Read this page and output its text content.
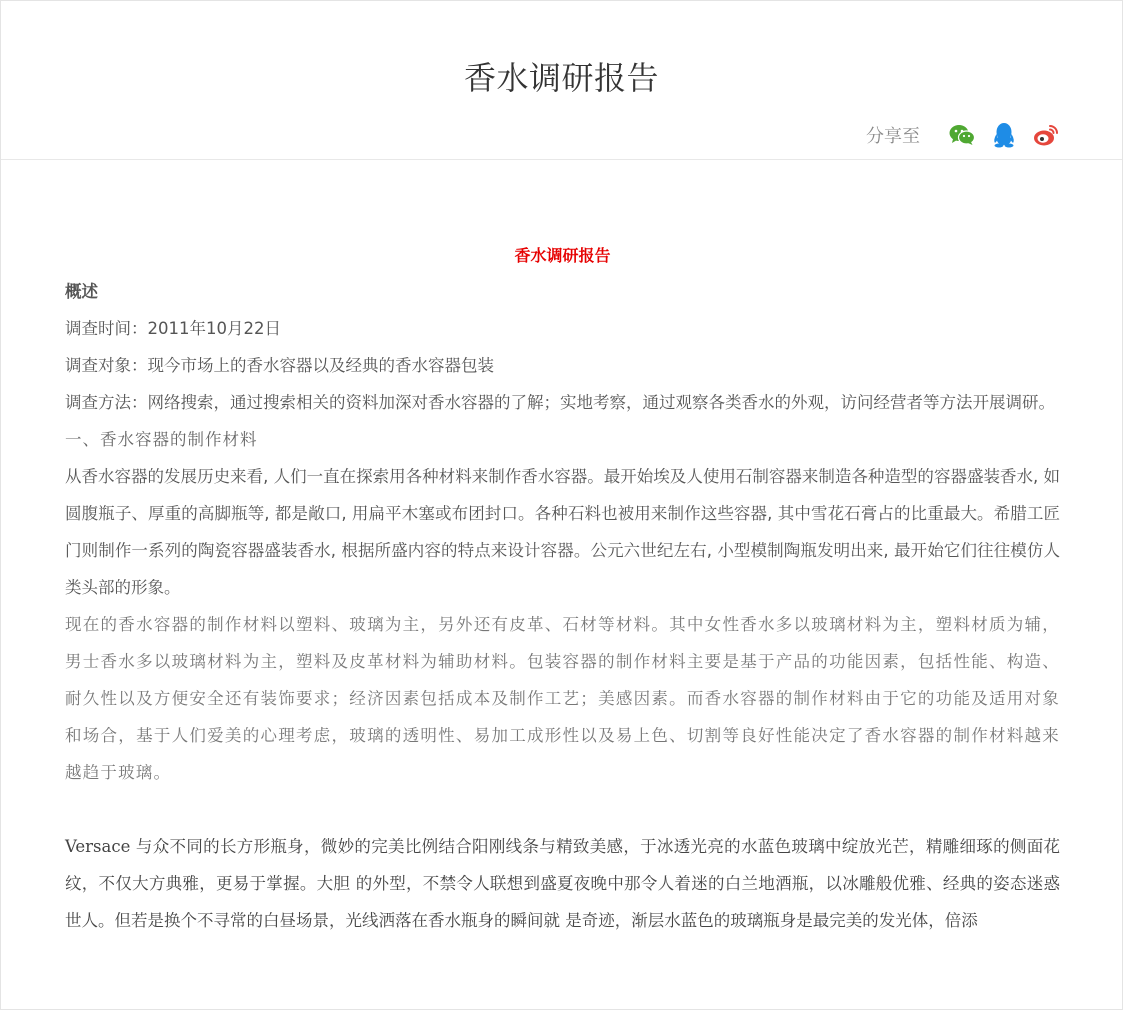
香水调研报告
分享至

香水调研报告

概述

调查时间：2011年10月22日

调查对象：现今市场上的香水容器以及经典的香水容器包装

调查方法：网络搜索，通过搜索相关的资料加深对香水容器的了解；实地考察，通过观察各类香水的外观，访问经营者等方法开展调研。

一、香水容器的制作材料

从香水容器的发展历史来看, 人们一直在探索用各种材料来制作香水容器。最开始埃及人使用石制容器来制造各种造型的容器盛装香水, 如圆腹瓶子、厚重的高脚瓶等, 都是敞口, 用扁平木塞或布团封口。各种石料也被用来制作这些容器, 其中雪花石膏占的比重最大。希腊工匠门则制作一系列的陶瓷容器盛装香水, 根据所盛内容的特点来设计容器。公元六世纪左右, 小型模制陶瓶发明出来, 最开始它们往往模仿人类头部的形象。

现在的香水容器的制作材料以塑料、玻璃为主，另外还有皮革、石材等材料。其中女性香水多以玻璃材料为主，塑料材质为辅，男士香水多以玻璃材料为主，塑料及皮革材料为辅助材料。包装容器的制作材料主要是基于产品的功能因素，包括性能、构造、耐久性以及方便安全还有装饰要求；经济因素包括成本及制作工艺；美感因素。而香水容器的制作材料由于它的功能及适用对象和场合，基于人们爱美的心理考虑，玻璃的透明性、易加工成形性以及易上色、切割等良好性能决定了香水容器的制作材料越来越趋于玻璃。

Versace 与众不同的长方形瓶身，微妙的完美比例结合阳刚线条与精致美感，于冰透光亮的水蓝色玻璃中绽放光芒，精雕细琢的侧面花纹，不仅大方典雅，更易于掌握。大胆 的外型，不禁令人联想到盛夏夜晚中那令人着迷的白兰地酒瓶，以冰雕般优雅、经典的姿态迷惑世人。但若是换个不寻常的白昼场景，光线洒落在香水瓶身的瞬间就 是奇迹，渐层水蓝色的玻璃瓶身是最完美的发光体，倍添
